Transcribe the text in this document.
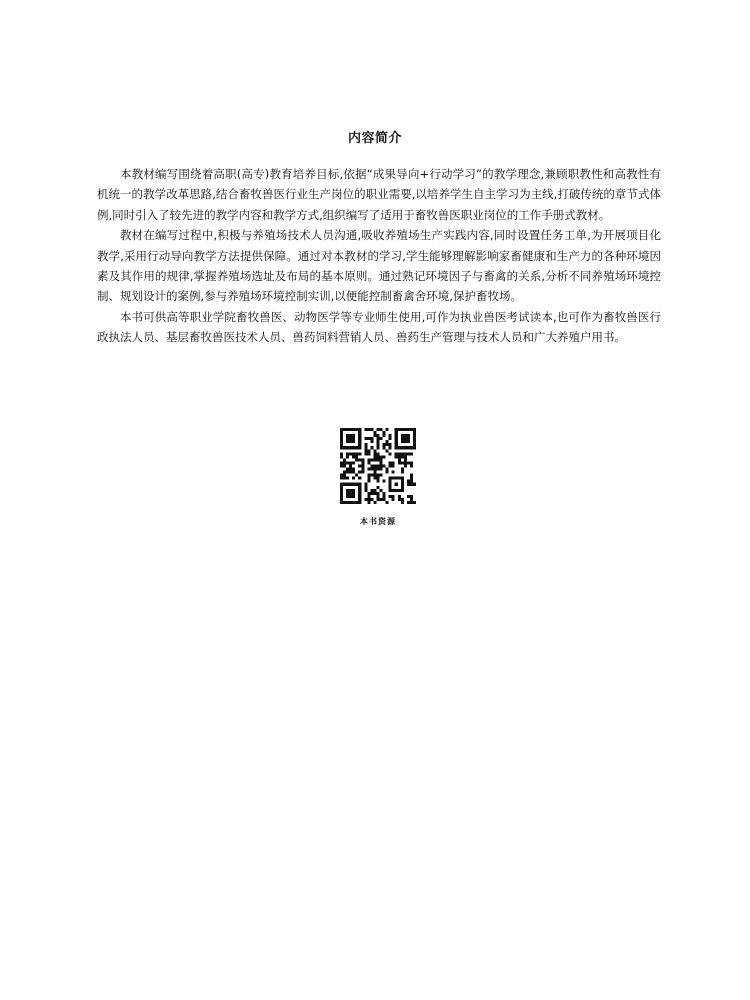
内容简介

本教材编写围绕着高职(高专)教育培养目标,依据“成果导向+行动学习”的教学理念,兼顾职教性和高教性有机统一的教学改革思路,结合畜牧兽医行业生产岗位的职业需要,以培养学生自主学习为主线,打破传统的章节式体例,同时引入了较先进的教学内容和教学方式,组织编写了适用于畜牧兽医职业岗位的工作手册式教材。

教材在编写过程中,积极与养殖场技术人员沟通,吸收养殖场生产实践内容,同时设置任务工单,为开展项目化教学,采用行动导向教学方法提供保障。通过对本教材的学习,学生能够理解影响家畜健康和生产力的各种环境因素及其作用的规律,掌握养殖场选址及布局的基本原则。通过熟记环境因子与畜禽的关系,分析不同养殖场环境控制、规划设计的案例,参与养殖场环境控制实训,以便能控制畜禽舍环境,保护畜牧场。

本书可供高等职业学院畜牧兽医、动物医学等专业师生使用,可作为执业兽医考试读本,也可作为畜牧兽医行政执法人员、基层畜牧兽医技术人员、兽药饲料营销人员、兽药生产管理与技术人员和广大养殖户用书。

本书资源
